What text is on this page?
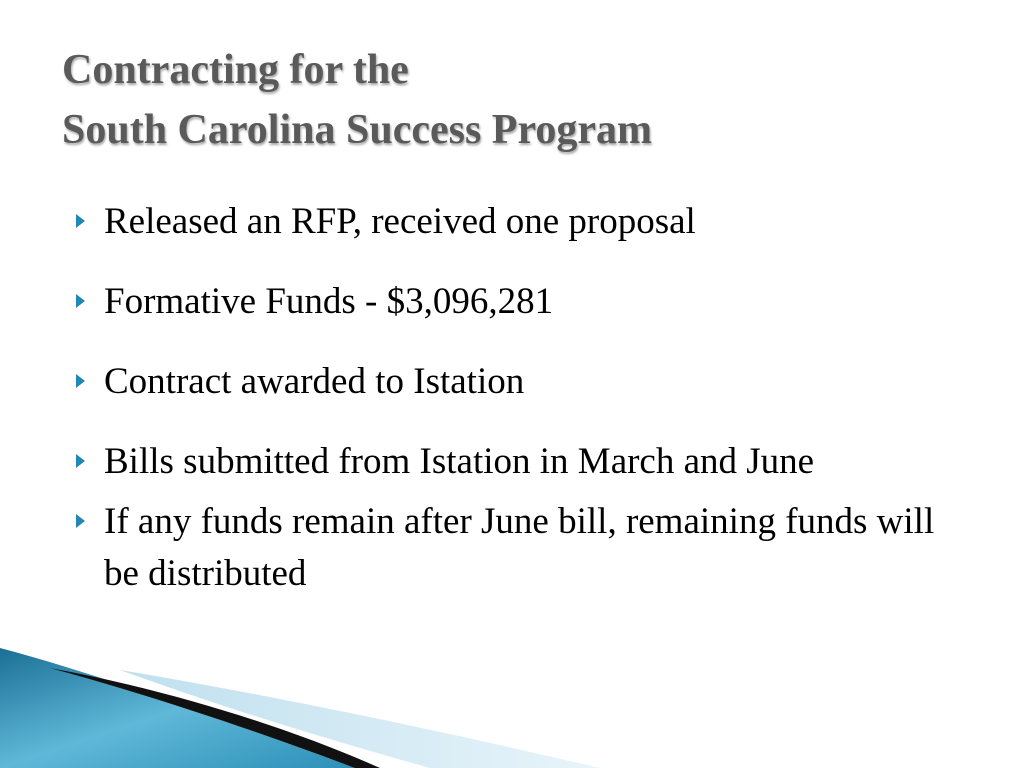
Contracting for the
South Carolina Success Program
Released an RFP, received one proposal
Formative Funds - $3,096,281
Contract awarded to Istation
Bills submitted from Istation in March and June
If any funds remain after June bill, remaining funds will be distributed
